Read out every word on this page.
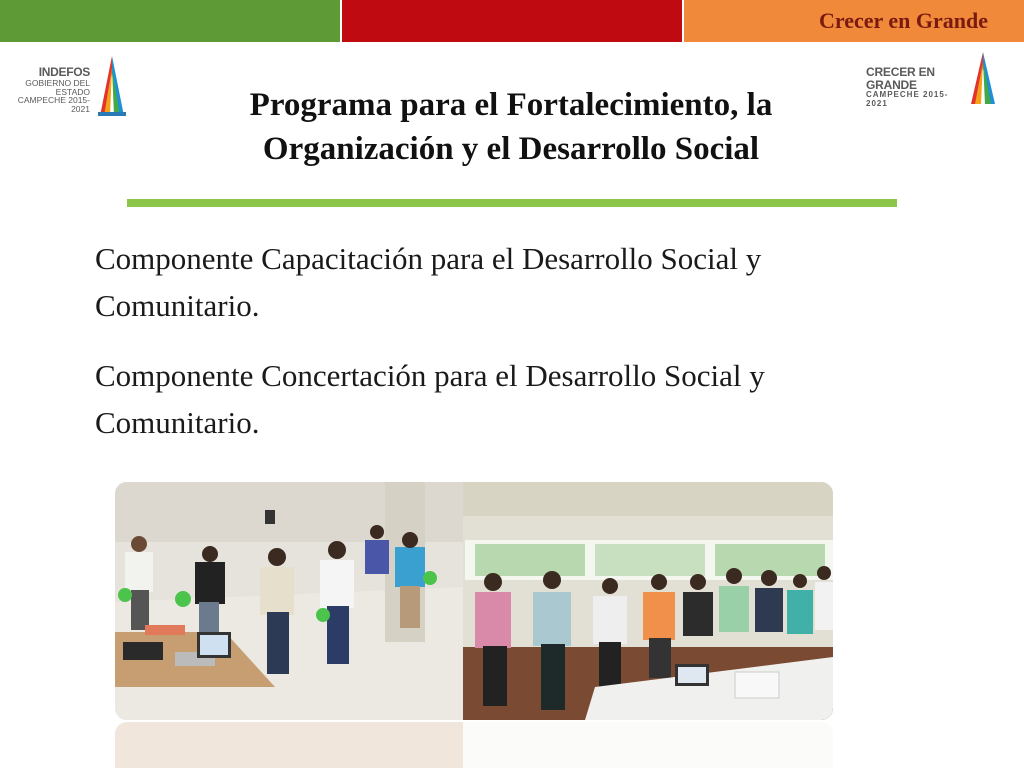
Crecer en Grande
INDEFOS
GOBIERNO DEL ESTADO
CAMPECHE 2015-2021
CRECER EN GRANDE
CAMPECHE 2015-2021
Programa para el Fortalecimiento, la
Organización y el Desarrollo Social

Componente Capacitación para el Desarrollo Social y Comunitario.

Componente Concertación para el Desarrollo Social y Comunitario.
